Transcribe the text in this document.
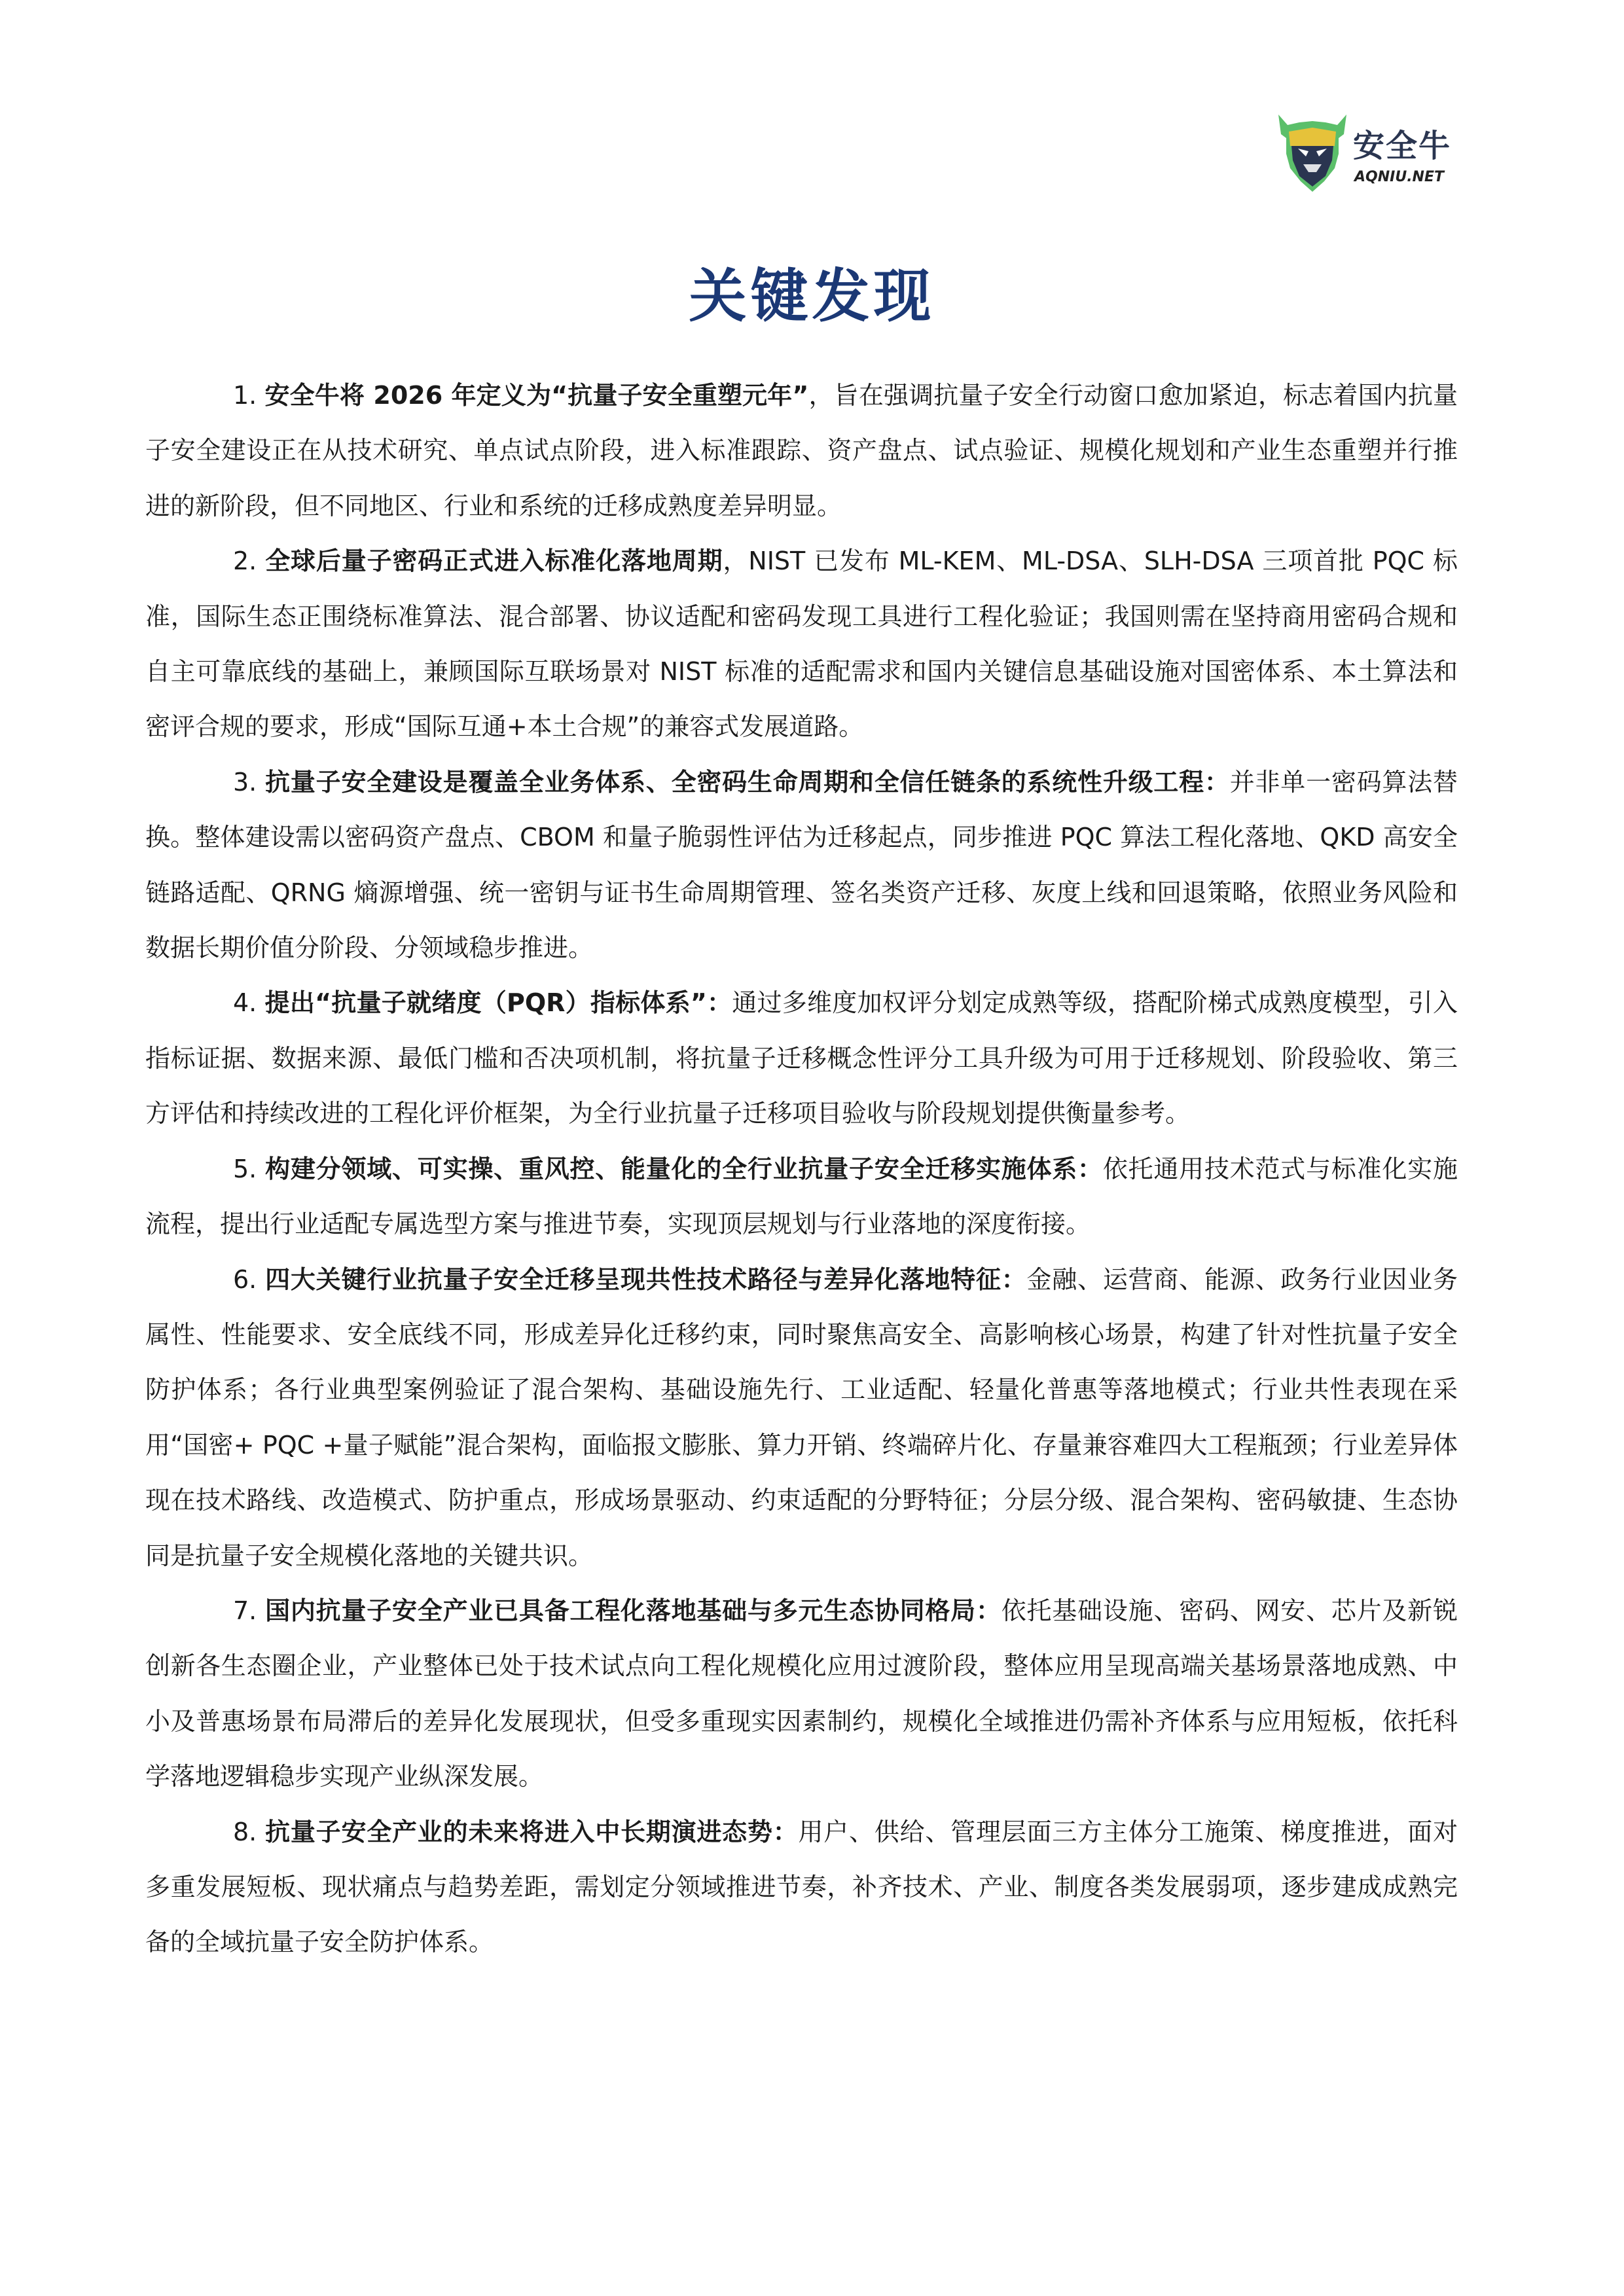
安全牛
AQNIU.NET
关键发现

1. 安全牛将 2026 年定义为“抗量子安全重塑元年”，旨在强调抗量子安全行动窗口愈加紧迫，标志着国内抗量子安全建设正在从技术研究、单点试点阶段，进入标准跟踪、资产盘点、试点验证、规模化规划和产业生态重塑并行推进的新阶段，但不同地区、行业和系统的迁移成熟度差异明显。

2. 全球后量子密码正式进入标准化落地周期，NIST 已发布 ML-KEM、ML-DSA、SLH-DSA 三项首批 PQC 标准，国际生态正围绕标准算法、混合部署、协议适配和密码发现工具进行工程化验证；我国则需在坚持商用密码合规和自主可靠底线的基础上，兼顾国际互联场景对 NIST 标准的适配需求和国内关键信息基础设施对国密体系、本土算法和密评合规的要求，形成“国际互通+本土合规”的兼容式发展道路。

3. 抗量子安全建设是覆盖全业务体系、全密码生命周期和全信任链条的系统性升级工程：并非单一密码算法替换。整体建设需以密码资产盘点、CBOM 和量子脆弱性评估为迁移起点，同步推进 PQC 算法工程化落地、QKD 高安全链路适配、QRNG 熵源增强、统一密钥与证书生命周期管理、签名类资产迁移、灰度上线和回退策略，依照业务风险和数据长期价值分阶段、分领域稳步推进。

4. 提出“抗量子就绪度（PQR）指标体系”：通过多维度加权评分划定成熟等级，搭配阶梯式成熟度模型，引入指标证据、数据来源、最低门槛和否决项机制，将抗量子迁移概念性评分工具升级为可用于迁移规划、阶段验收、第三方评估和持续改进的工程化评价框架，为全行业抗量子迁移项目验收与阶段规划提供衡量参考。

5. 构建分领域、可实操、重风控、能量化的全行业抗量子安全迁移实施体系：依托通用技术范式与标准化实施流程，提出行业适配专属选型方案与推进节奏，实现顶层规划与行业落地的深度衔接。

6. 四大关键行业抗量子安全迁移呈现共性技术路径与差异化落地特征：金融、运营商、能源、政务行业因业务属性、性能要求、安全底线不同，形成差异化迁移约束，同时聚焦高安全、高影响核心场景，构建了针对性抗量子安全防护体系；各行业典型案例验证了混合架构、基础设施先行、工业适配、轻量化普惠等落地模式；行业共性表现在采用“国密+ PQC +量子赋能”混合架构，面临报文膨胀、算力开销、终端碎片化、存量兼容难四大工程瓶颈；行业差异体现在技术路线、改造模式、防护重点，形成场景驱动、约束适配的分野特征；分层分级、混合架构、密码敏捷、生态协同是抗量子安全规模化落地的关键共识。

7. 国内抗量子安全产业已具备工程化落地基础与多元生态协同格局：依托基础设施、密码、网安、芯片及新锐创新各生态圈企业，产业整体已处于技术试点向工程化规模化应用过渡阶段，整体应用呈现高端关基场景落地成熟、中小及普惠场景布局滞后的差异化发展现状，但受多重现实因素制约，规模化全域推进仍需补齐体系与应用短板，依托科学落地逻辑稳步实现产业纵深发展。

8. 抗量子安全产业的未来将进入中长期演进态势：用户、供给、管理层面三方主体分工施策、梯度推进，面对多重发展短板、现状痛点与趋势差距，需划定分领域推进节奏，补齐技术、产业、制度各类发展弱项，逐步建成成熟完备的全域抗量子安全防护体系。
